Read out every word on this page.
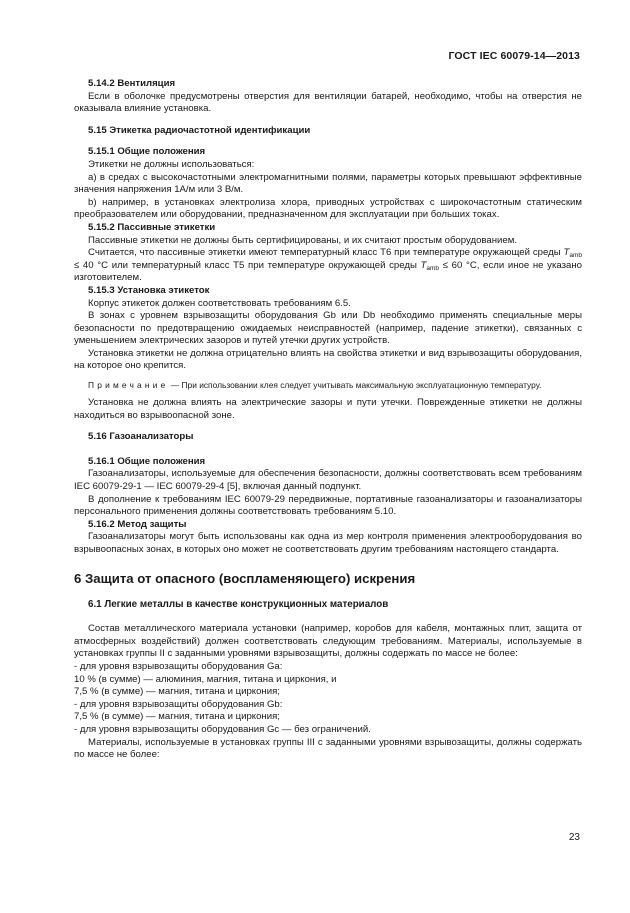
ГОСТ IEC 60079-14—2013

5.14.2 Вентиляция

Если в оболочке предусмотрены отверстия для вентиляции батарей, необходимо, чтобы на отверстия не оказывала влияние установка.

5.15 Этикетка радиочастотной идентификации

5.15.1 Общие положения

Этикетки не должны использоваться:

a) в средах с высокочастотными электромагнитными полями, параметры которых превышают эффективные значения напряжения 1А/м или 3 В/м.

b) например, в установках электролиза хлора, приводных устройствах с широкочастотным статическим преобразователем или оборудовании, предназначенном для эксплуатации при больших токах.

5.15.2 Пассивные этикетки

Пассивные этикетки не должны быть сертифицированы, и их считают простым оборудованием.

Считается, что пассивные этикетки имеют температурный класс Т6 при температуре окружающей среды $T_{amb} \le 40$ °С или температурный класс Т5 при температуре окружающей среды $T_{amb} \le 60$ °С, если иное не указано изготовителем.

5.15.3 Установка этикеток

Корпус этикеток должен соответствовать требованиям 6.5.

В зонах с уровнем взрывозащиты оборудования Gb или Db необходимо применять специальные меры безопасности по предотвращению ожидаемых неисправностей (например, падение этикетки), связанных с уменьшением электрических зазоров и путей утечки других устройств.

Установка этикетки не должна отрицательно влиять на свойства этикетки и вид взрывозащиты оборудования, на которое оно крепится.

Примечание — При использовании клея следует учитывать максимальную эксплуатационную температуру.

Установка не должна влиять на электрические зазоры и пути утечки. Поврежденные этикетки не должны находиться во взрывоопасной зоне.

5.16 Газоанализаторы

5.16.1 Общие положения

Газоанализаторы, используемые для обеспечения безопасности, должны соответствовать всем требованиям IEC 60079-29-1 — IEC 60079-29-4 [5], включая данный подпункт.

В дополнение к требованиям IEC 60079-29 передвижные, портативные газоанализаторы и газоанализаторы персонального применения должны соответствовать требованиям 5.10.

5.16.2 Метод защиты

Газоанализаторы могут быть использованы как одна из мер контроля применения электрооборудования во взрывоопасных зонах, в которых оно может не соответствовать другим требованиям настоящего стандарта.

6 Защита от опасного (воспламеняющего) искрения

6.1 Легкие металлы в качестве конструкционных материалов

Состав металлического материала установки (например, коробов для кабеля, монтажных плит, защита от атмосферных воздействий) должен соответствовать следующим требованиям. Материалы, используемые в установках группы II с заданными уровнями взрывозащиты, должны содержать по массе не более:

- для уровня взрывозащиты оборудования Ga:

10 % (в сумме) — алюминия, магния, титана и циркония, и

7,5 % (в сумме) — магния, титана и циркония;

- для уровня взрывозащиты оборудования Gb:

7,5 % (в сумме) — магния, титана и циркония;

- для уровня взрывозащиты оборудования Gc — без ограничений.

Материалы, используемые в установках группы III с заданными уровнями взрывозащиты, должны содержать по массе не более:

23
